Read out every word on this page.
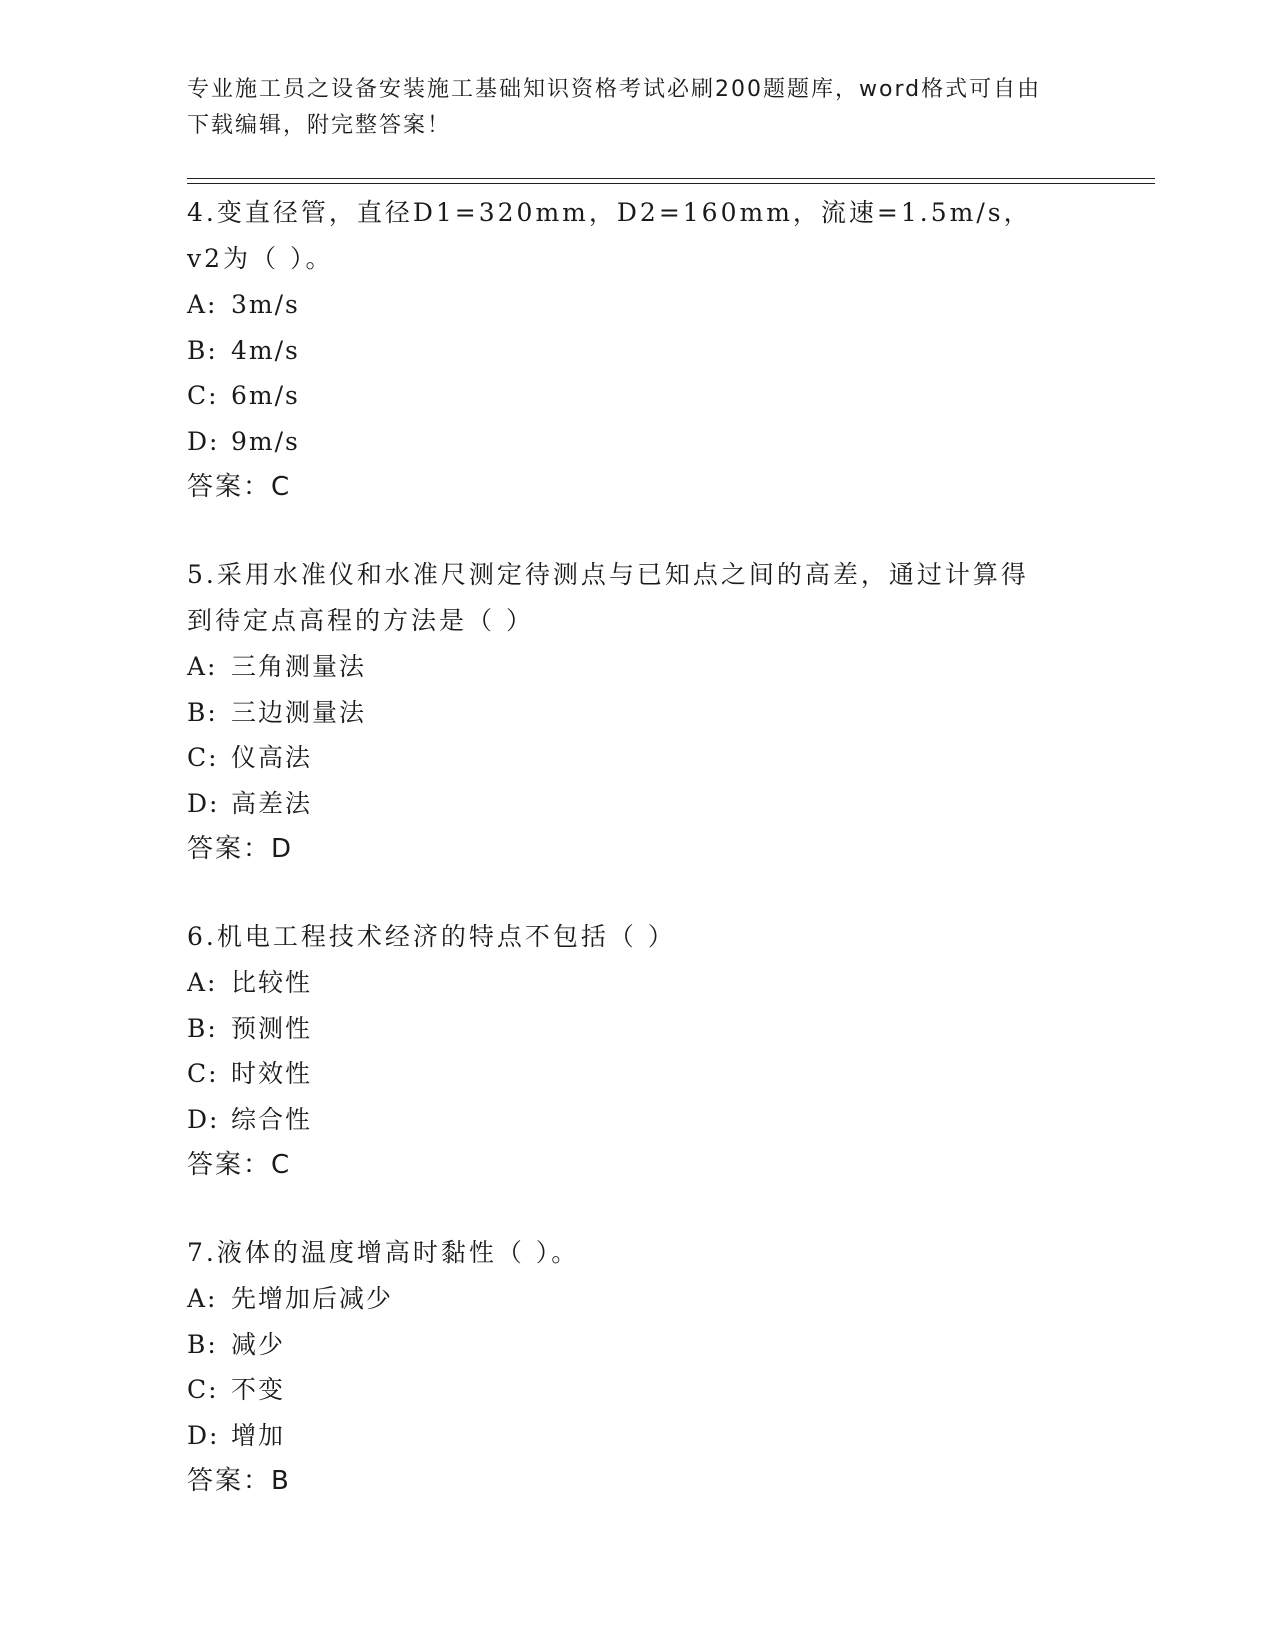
专业施工员之设备安装施工基础知识资格考试必刷200题题库，word格式可自由
下载编辑，附完整答案！

4.变直径管，直径D1=320mm，D2=160mm，流速=1.5m/s，v2为（ ）。

A: 3m/s

B: 4m/s

C: 6m/s

D: 9m/s

答案：C

5.采用水准仪和水准尺测定待测点与已知点之间的高差，通过计算得

到待定点高程的方法是（ ）

A: 三角测量法

B: 三边测量法

C: 仪高法

D: 高差法

答案：D

6.机电工程技术经济的特点不包括（ ）

A: 比较性

B: 预测性

C: 时效性

D: 综合性

答案：C

7.液体的温度增高时黏性（ ）。

A: 先增加后减少

B: 减少

C: 不变

D: 增加

答案：B
